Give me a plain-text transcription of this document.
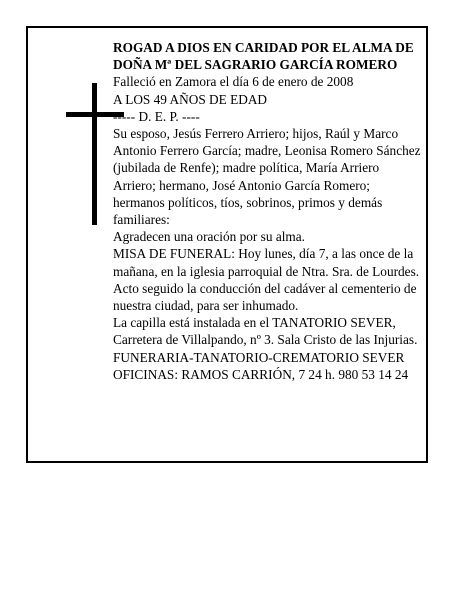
ROGAD A DIOS EN CARIDAD POR EL ALMA DE

DOÑA Mª DEL SAGRARIO GARCÍA ROMERO

Falleció en Zamora el día 6 de enero de 2008

A LOS 49 AÑOS DE EDAD

----- D. E. P. ----

Su esposo, Jesús Ferrero Arriero; hijos, Raúl y Marco Antonio Ferrero García; madre, Leonisa Romero Sánchez (jubilada de Renfe); madre política, María Arriero Arriero; hermano, José Antonio García Romero; hermanos políticos, tíos, sobrinos, primos y demás familiares:

Agradecen una oración por su alma.

MISA DE FUNERAL: Hoy lunes, día 7, a las once de la mañana, en la iglesia parroquial de Ntra. Sra. de Lourdes. Acto seguido la conducción del cadáver al cementerio de nuestra ciudad, para ser inhumado.

La capilla está instalada en el TANATORIO SEVER, Carretera de Villalpando, nº 3. Sala Cristo de las Injurias.

FUNERARIA-TANATORIO-CREMATORIO SEVER

OFICINAS: RAMOS CARRIÓN, 7 24 h. 980 53 14 24
